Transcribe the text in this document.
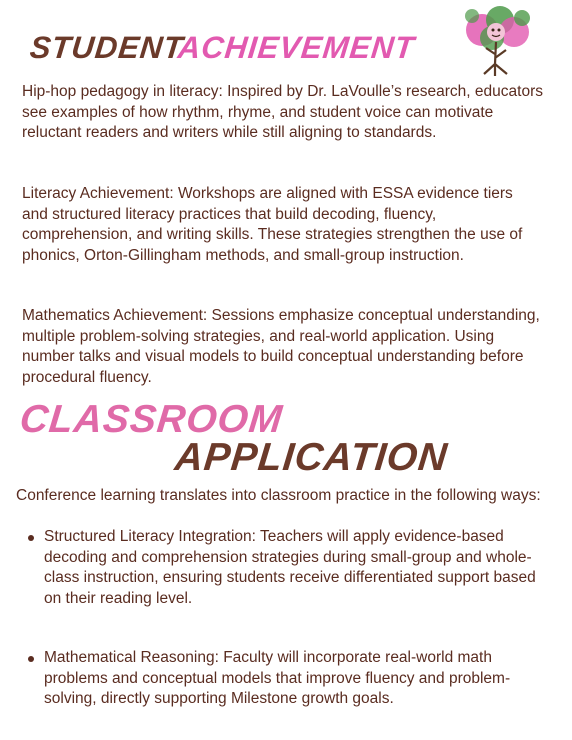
STUDENT
ACHIEVEMENT

Hip-hop pedagogy in literacy: Inspired by Dr. LaVoulle’s research, educators see examples of how rhythm, rhyme, and student voice can motivate reluctant readers and writers while still aligning to standards.

Literacy Achievement: Workshops are aligned with ESSA evidence tiers and structured literacy practices that build decoding, fluency, comprehension, and writing skills. These strategies strengthen the use of phonics, Orton-Gillingham methods, and small-group instruction.

Mathematics Achievement: Sessions emphasize conceptual understanding, multiple problem-solving strategies, and real-world application. Using number talks and visual models to build conceptual understanding before procedural fluency.

CLASSROOM
APPLICATION

Conference learning translates into classroom practice in the following ways:

Structured Literacy Integration: Teachers will apply evidence-based decoding and comprehension strategies during small-group and whole-class instruction, ensuring students receive differentiated support based on their reading level.
Mathematical Reasoning: Faculty will incorporate real-world math problems and conceptual models that improve fluency and problem-solving, directly supporting Milestone growth goals.
